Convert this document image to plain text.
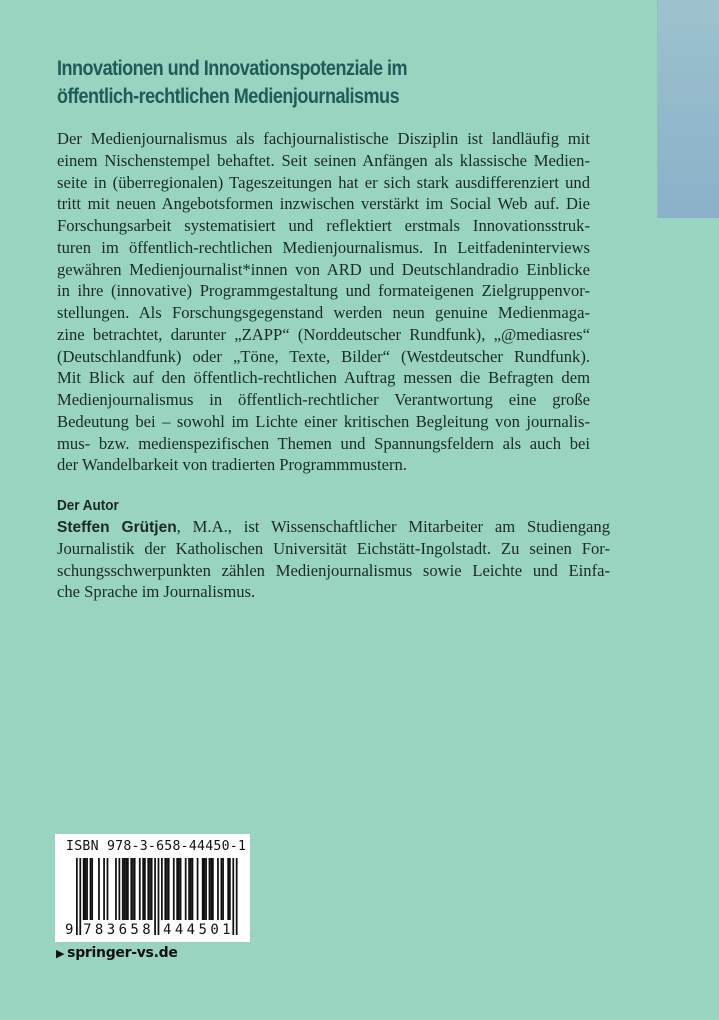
Innovationen und Innovationspotenziale im
öffentlich-rechtlichen Medienjournalismus
Der Medienjournalismus als fachjournalistische Disziplin ist landläufig mit
einem Nischenstempel behaftet. Seit seinen Anfängen als klassische Medien-
seite in (überregionalen) Tageszeitungen hat er sich stark ausdifferenziert und
tritt mit neuen Angebotsformen inzwischen verstärkt im Social Web auf. Die
Forschungsarbeit systematisiert und reflektiert erstmals Innovationsstruk-
turen im öffentlich-rechtlichen Medienjournalismus. In Leitfadeninterviews
gewähren Medienjournalist*innen von ARD und Deutschlandradio Einblicke
in ihre (innovative) Programmgestaltung und formateigenen Zielgruppenvor-
stellungen. Als Forschungsgegenstand werden neun genuine Medienmaga-
zine betrachtet, darunter „ZAPP“ (Norddeutscher Rundfunk), „@mediasres“
(Deutschlandfunk) oder „Töne, Texte, Bilder“ (Westdeutscher Rundfunk).
Mit Blick auf den öffentlich-rechtlichen Auftrag messen die Befragten dem
Medienjournalismus in öffentlich-rechtlicher Verantwortung eine große
Bedeutung bei – sowohl im Lichte einer kritischen Begleitung von journalis-
mus- bzw. medienspezifischen Themen und Spannungsfeldern als auch bei
der Wandelbarkeit von tradierten Programmmustern.
Der Autor
Steffen Grütjen, M.A., ist Wissenschaftlicher Mitarbeiter am Studiengang
Journalistik der Katholischen Universität Eichstätt-Ingolstadt. Zu seinen For-
schungsschwerpunkten zählen Medienjournalismus sowie Leichte und Einfa-
che Sprache im Journalismus.
ISBN 978-3-658-44450-1
9 783658 444501
▶ springer-vs.de
